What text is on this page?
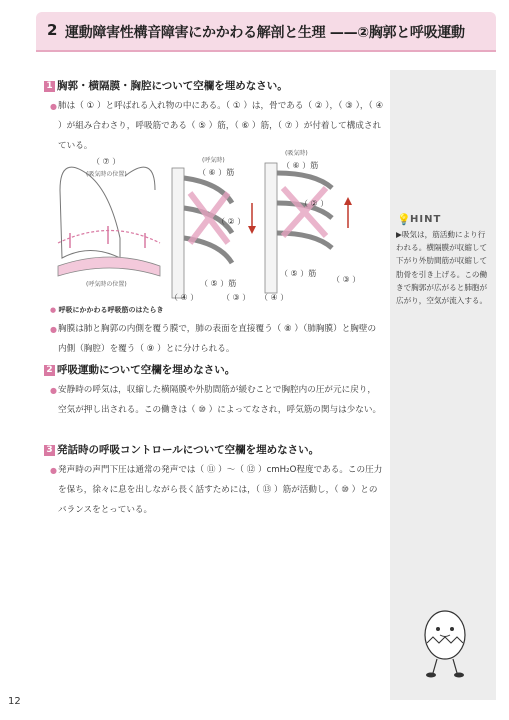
2 運動障害性構音障害にかかわる解剖と生理 ——②胸郭と呼吸運動
💡 HINT
▶吸気は，筋活動により行われる。横隔膜が収縮して下がり外肋間筋が収縮して肋骨を引き上げる。この働きで胸郭が広がると肺胞が広がり，空気が流入する。
1 胸郭・横隔膜・胸腔について空欄を埋めなさい。
● 肺は（ ① ）と呼ばれる入れ物の中にある。（ ① ）は，骨である（ ② ），（ ③ ），（ ④ ）が組み合わさり，呼吸筋である（ ⑤ ）筋，（ ⑥ ）筋，（ ⑦ ）が付着して構成されている。
（ ⑦ ）
(吸気時の位置)
(呼気時の位置)
(呼気時)
(吸気時)
（ ⑥ ）筋
（ ⑥ ）筋
（ ② ）
（ ② ）
（ ⑤ ）筋
（ ⑤ ）筋
（ ③ ）
（ ④ ）	（ ③ ） （ ④ ）
● 呼吸にかかわる呼吸筋のはたらき
● 胸膜は肺と胸郭の内側を覆う膜で，肺の表面を直接覆う（ ⑧ ）（肺胸膜）と胸壁の内側（胸腔）を覆う（ ⑨ ）とに分けられる。
2 呼吸運動について空欄を埋めなさい。
● 安静時の呼気は，収縮した横隔膜や外肋間筋が緩むことで胸腔内の圧が元に戻り，空気が押し出される。この働きは（ ⑩ ）によってなされ，呼気筋の関与は少ない。
3 発話時の呼吸コントロールについて空欄を埋めなさい。
● 発声時の声門下圧は通常の発声では（ ⑪ ）〜（ ⑫ ）cmH₂O程度である。この圧力を保ち，徐々に息を出しながら長く話すためには，（ ⑬ ）筋が活動し，（ ⑩ ）とのバランスをとっている。
12
